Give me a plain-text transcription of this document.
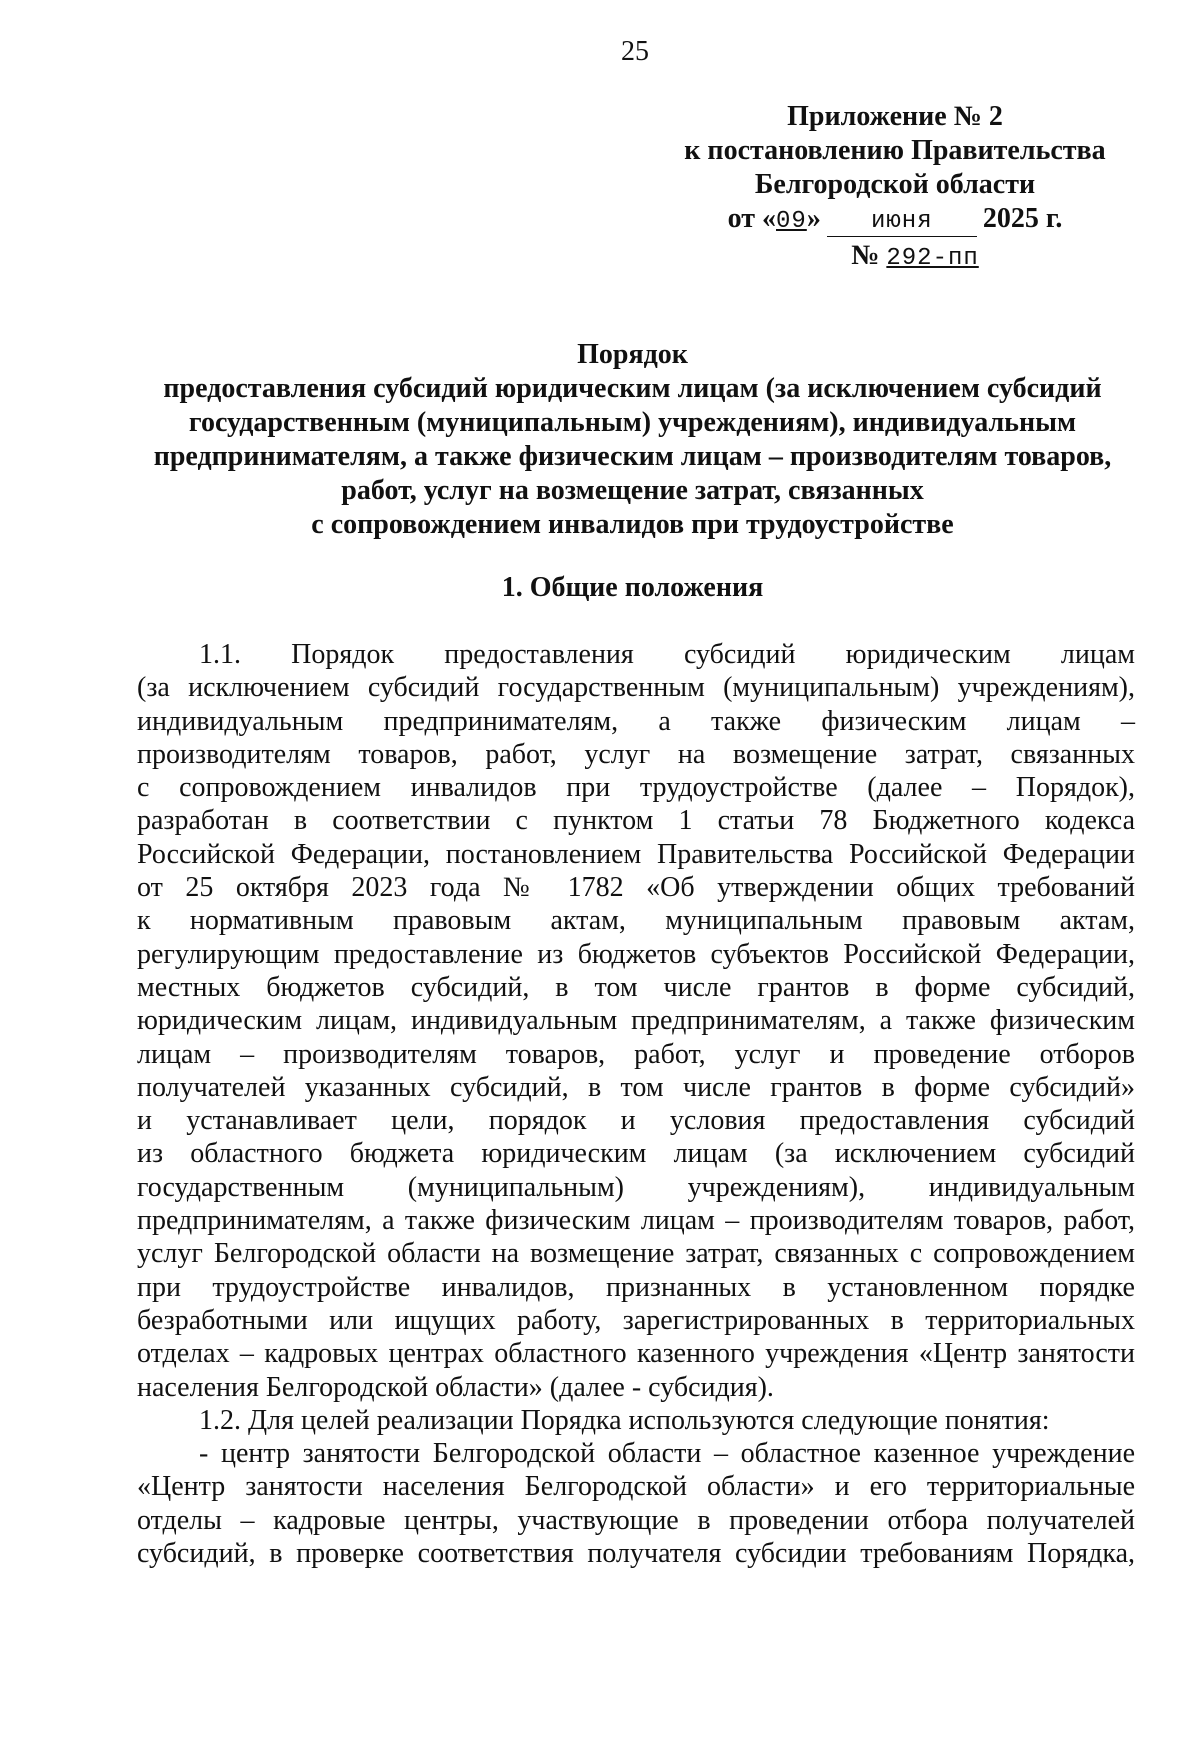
25
Приложение № 2
к постановлению Правительства
Белгородской области
от «09» июня 2025 г.
№ 292-пп
Порядок
предоставления субсидий юридическим лицам (за исключением субсидий
государственным (муниципальным) учреждениям), индивидуальным
предпринимателям, а также физическим лицам – производителям товаров,
работ, услуг на возмещение затрат, связанных
с сопровождением инвалидов при трудоустройстве
1. Общие положения
1.1. Порядок предоставления субсидий юридическим лицам
(за исключением субсидий государственным (муниципальным) учреждениям),
индивидуальным предпринимателям, а также физическим лицам –
производителям товаров, работ, услуг на возмещение затрат, связанных
с сопровождением инвалидов при трудоустройстве (далее – Порядок),
разработан в соответствии с пунктом 1 статьи 78 Бюджетного кодекса
Российской Федерации, постановлением Правительства Российской Федерации
от 25 октября 2023 года № 1782 «Об утверждении общих требований
к нормативным правовым актам, муниципальным правовым актам,
регулирующим предоставление из бюджетов субъектов Российской Федерации,
местных бюджетов субсидий, в том числе грантов в форме субсидий,
юридическим лицам, индивидуальным предпринимателям, а также физическим
лицам – производителям товаров, работ, услуг и проведение отборов
получателей указанных субсидий, в том числе грантов в форме субсидий»
и устанавливает цели, порядок и условия предоставления субсидий
из областного бюджета юридическим лицам (за исключением субсидий
государственным (муниципальным) учреждениям), индивидуальным
предпринимателям, а также физическим лицам – производителям товаров, работ,
услуг Белгородской области на возмещение затрат, связанных с сопровождением
при трудоустройстве инвалидов, признанных в установленном порядке
безработными или ищущих работу, зарегистрированных в территориальных
отделах – кадровых центрах областного казенного учреждения «Центр занятости
населения Белгородской области» (далее - субсидия).
1.2. Для целей реализации Порядка используются следующие понятия:
- центр занятости Белгородской области – областное казенное учреждение
«Центр занятости населения Белгородской области» и его территориальные
отделы – кадровые центры, участвующие в проведении отбора получателей
субсидий, в проверке соответствия получателя субсидии требованиям Порядка,
